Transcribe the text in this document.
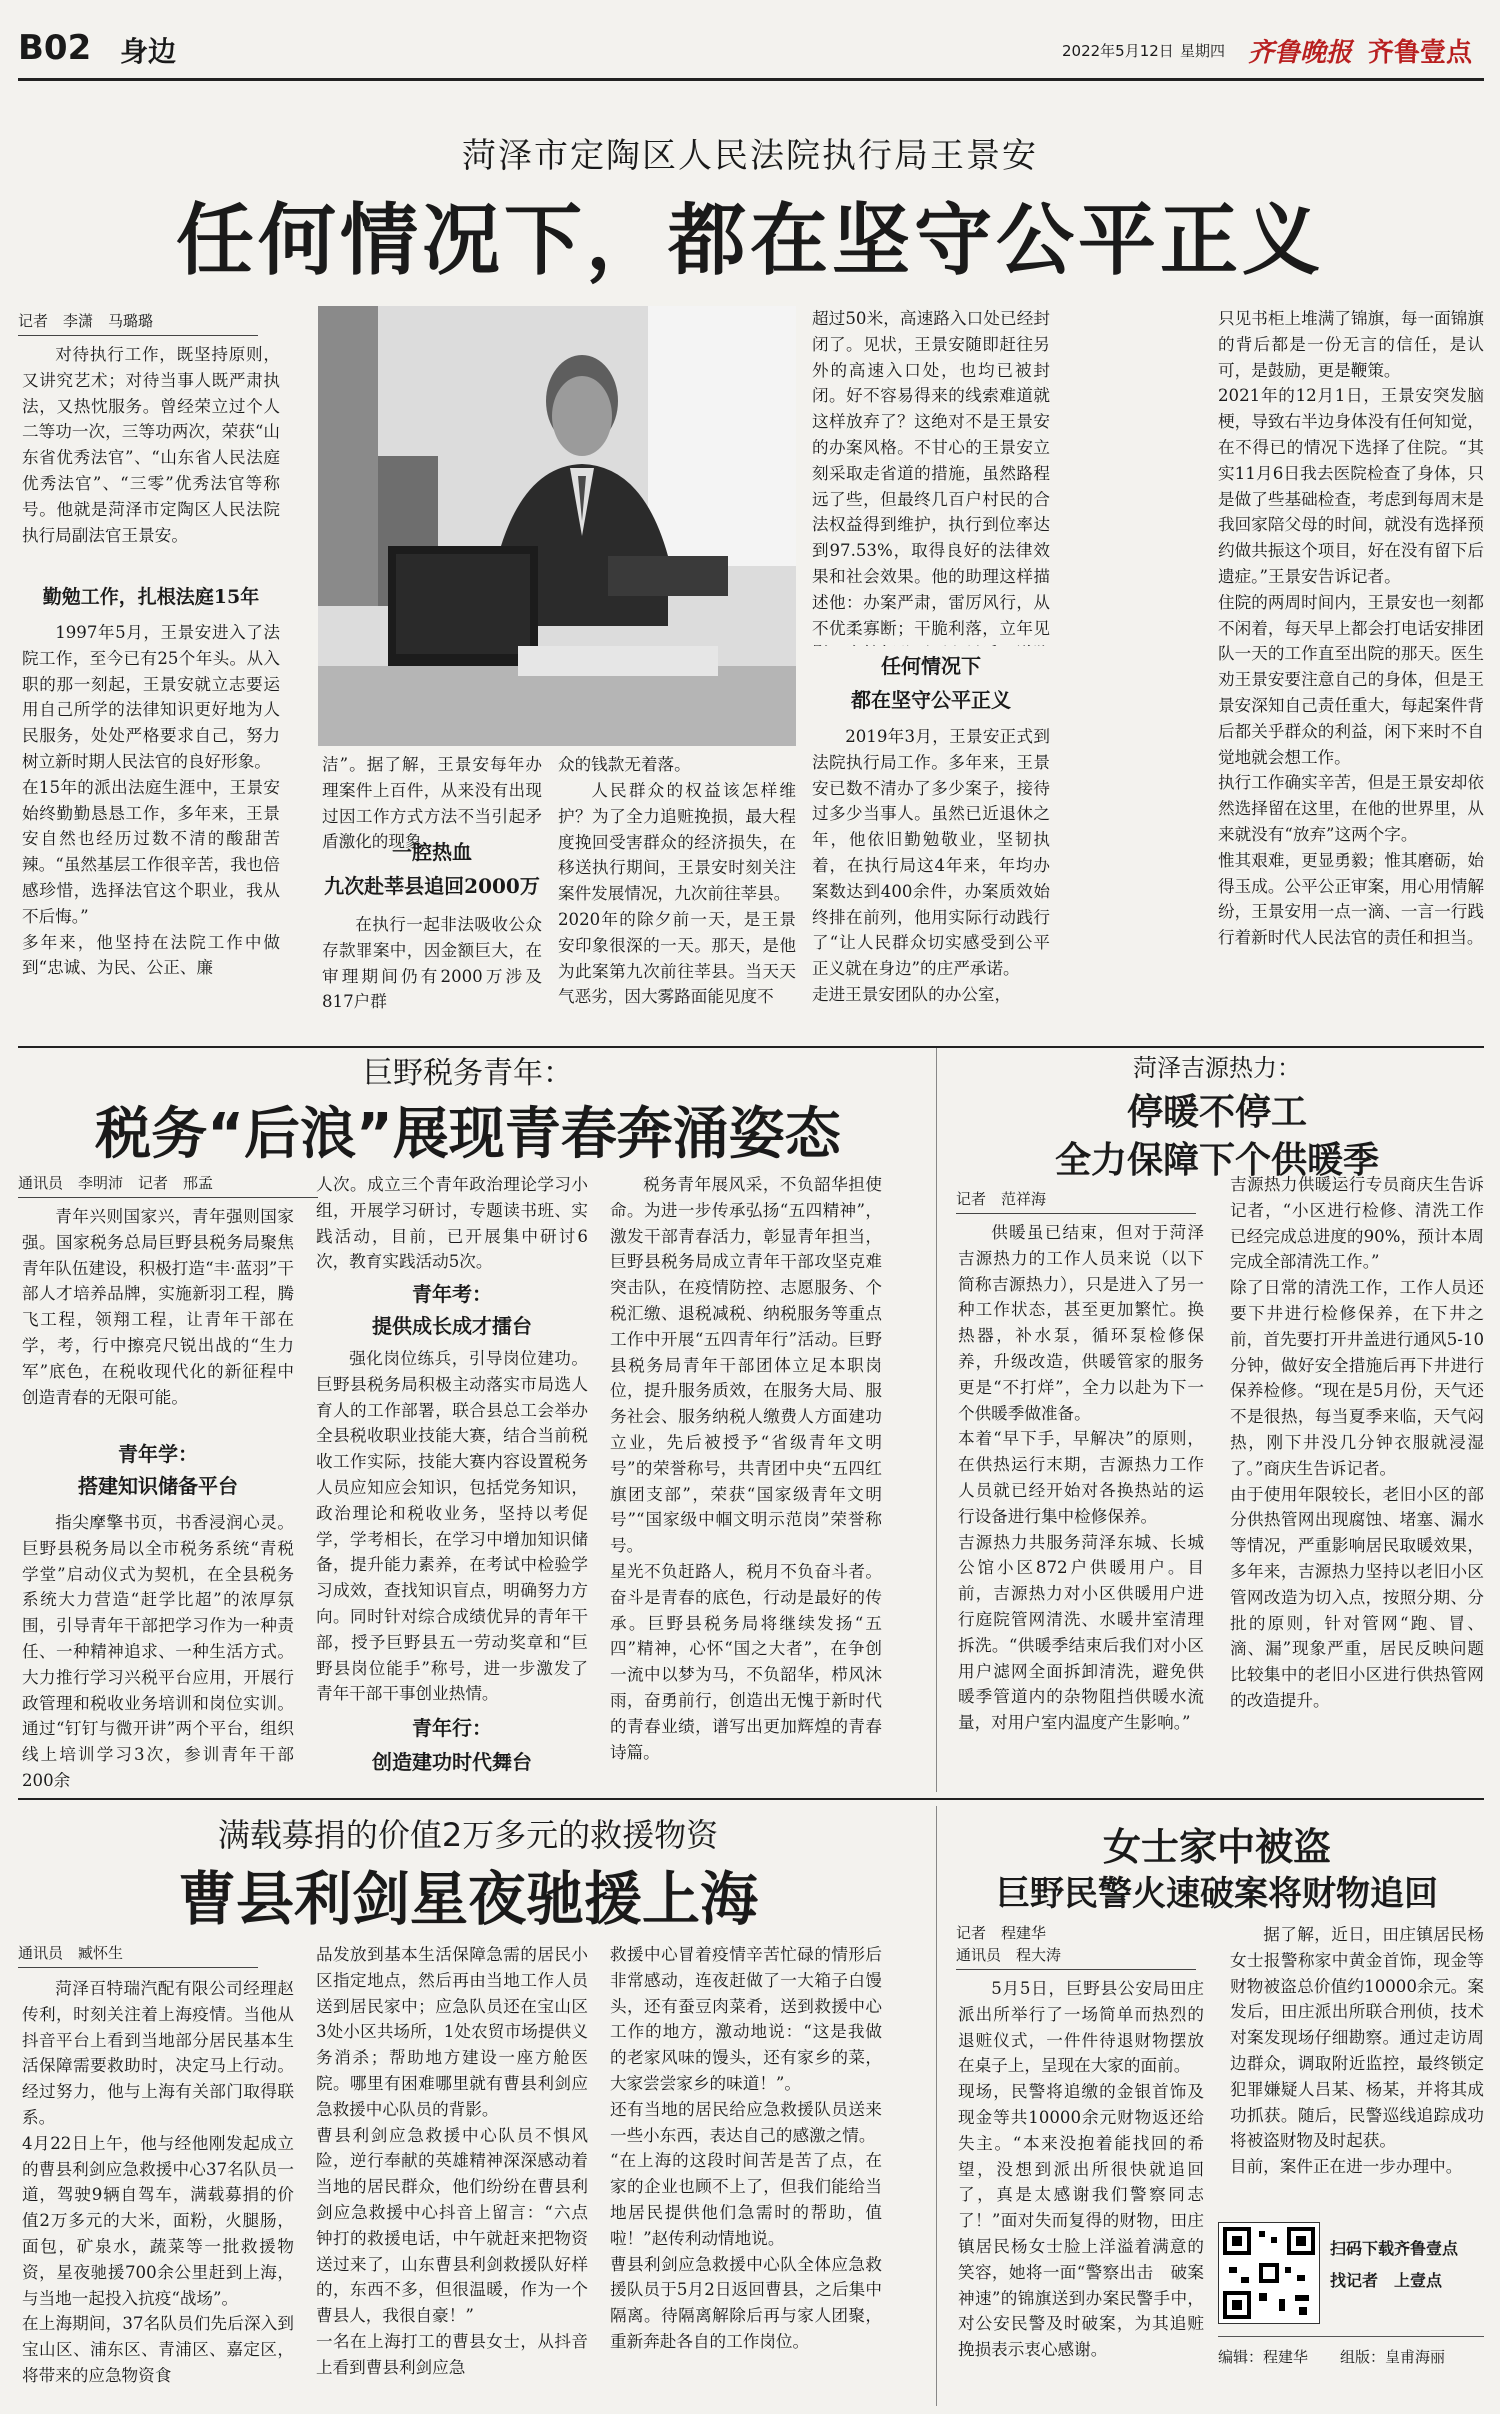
B02 身边	2022年5月12日 星期四 齐鲁晚报 齐鲁壹点
菏泽市定陶区人民法院执行局王景安
任何情况下，都在坚守公平正义
记者　李潇　马璐璐

对待执行工作，既坚持原则，又讲究艺术；对待当事人既严肃执法，又热忱服务。曾经荣立过个人二等功一次，三等功两次，荣获“山东省优秀法官”、“山东省人民法庭优秀法官”、“三零”优秀法官等称号。他就是菏泽市定陶区人民法院执行局副法官王景安。

勤勉工作，扎根法庭15年

1997年5月，王景安进入了法院工作，至今已有25个年头。从入职的那一刻起，王景安就立志要运用自己所学的法律知识更好地为人民服务，处处严格要求自己，努力树立新时期人民法官的良好形象。
在15年的派出法庭生涯中，王景安始终勤勤恳恳工作，多年来，王景安自然也经历过数不清的酸甜苦辣。“虽然基层工作很辛苦，我也倍感珍惜，选择法官这个职业，我从不后悔。”
多年来，他坚持在法院工作中做到“忠诚、为民、公正、廉

洁”。据了解，王景安每年办理案件上百件，从来没有出现过因工作方式方法不当引起矛盾激化的现象。

一腔热血
九次赴莘县追回2000万

在执行一起非法吸收公众存款罪案中，因金额巨大，在审理期间仍有2000万涉及817户群

众的钱款无着落。

人民群众的权益该怎样维护？为了全力追赃挽损，最大程度挽回受害群众的经济损失，在移送执行期间，王景安时刻关注案件发展情况，九次前往莘县。
2020年的除夕前一天，是王景安印象很深的一天。那天，是他为此案第九次前往莘县。当天天气恶劣，因大雾路面能见度不

超过50米，高速路入口处已经封闭了。见状，王景安随即赶往另外的高速入口处，也均已被封闭。好不容易得来的线索难道就这样放弃了？这绝对不是王景安的办案风格。不甘心的王景安立刻采取走省道的措施，虽然路程远了些，但最终几百户村民的合法权益得到维护，执行到位率达到97.53%，取得良好的法律效果和社会效果。他的助理这样描述他：办案严肃，雷厉风行，从不优柔寡断；干脆利落，立年见

任何情况下
都在坚守公平正义

2019年3月，王景安正式到法院执行局工作。多年来，王景安已数不清办了多少案子，接待过多少当事人。虽然已近退休之年，他依旧勤勉敬业，坚韧执着，在执行局这4年来，年均办案数达到400余件，办案质效始终排在前列，他用实际行动践行了“让人民群众切实感受到公平正义就在身边”的庄严承诺。
走进王景安团队的办公室，

只见书柜上堆满了锦旗，每一面锦旗的背后都是一份无言的信任，是认可，是鼓励，更是鞭策。
2021年的12月1日，王景安突发脑梗，导致右半边身体没有任何知觉，在不得已的情况下选择了住院。“其实11月6日我去医院检查了身体，只是做了些基础检查，考虑到每周末是我回家陪父母的时间，就没有选择预约做共振这个项目，好在没有留下后遗症。”王景安告诉记者。
住院的两周时间内，王景安也一刻都不闲着，每天早上都会打电话安排团队一天的工作直至出院的那天。医生劝王景安要注意自己的身体，但是王景安深知自己责任重大，每起案件背后都关乎群众的利益，闲下来时不自觉地就会想工作。
执行工作确实辛苦，但是王景安却依然选择留在这里，在他的世界里，从来就没有“放弃”这两个字。
惟其艰难，更显勇毅；惟其磨砺，始得玉成。公平公正审案，用心用情解纷，王景安用一点一滴、一言一行践行着新时代人民法官的责任和担当。

巨野税务青年：
税务“后浪”展现青春奔涌姿态
通讯员　李明沛　记者　邢孟

青年兴则国家兴，青年强则国家强。国家税务总局巨野县税务局聚焦青年队伍建设，积极打造“丰·蓝羽”干部人才培养品牌，实施新羽工程，腾飞工程，领翔工程，让青年干部在学，考，行中擦亮尺锐出战的“生力军”底色，在税收现代化的新征程中创造青春的无限可能。

青年学：
搭建知识储备平台

指尖摩擎书页，书香浸润心灵。巨野县税务局以全市税务系统“青税学堂”启动仪式为契机，在全县税务系统大力营造“赶学比超”的浓厚氛围，引导青年干部把学习作为一种责任、一种精神追求、一种生活方式。大力推行学习兴税平台应用，开展行政管理和税收业务培训和岗位实训。通过“钉钉与微开讲”两个平台，组织线上培训学习3次，参训青年干部200余

人次。成立三个青年政治理论学习小组，开展学习研讨，专题读书班、实践活动，目前，已开展集中研讨6次，教育实践活动5次。

青年考：
提供成长成才擂台

强化岗位练兵，引导岗位建功。巨野县税务局积极主动落实市局选人育人的工作部署，联合县总工会举办全县税收职业技能大赛，结合当前税收工作实际，技能大赛内容设置税务人员应知应会知识，包括党务知识，政治理论和税收业务，坚持以考促学，学考相长，在学习中增加知识储备，提升能力素养，在考试中检验学习成效，查找知识盲点，明确努力方向。同时针对综合成绩优异的青年干部，授予巨野县五一劳动奖章和“巨野县岗位能手”称号，进一步激发了青年干部干事创业热情。

青年行：
创造建功时代舞台

税务青年展风采，不负韶华担使命。为进一步传承弘扬“五四精神”，激发干部青春活力，彰显青年担当，巨野县税务局成立青年干部攻坚克难突击队，在疫情防控、志愿服务、个税汇缴、退税减税、纳税服务等重点工作中开展“五四青年行”活动。巨野县税务局青年干部团体立足本职岗位，提升服务质效，在服务大局、服务社会、服务纳税人缴费人方面建功立业，先后被授予“省级青年文明号”的荣誉称号，共青团中央“五四红旗团支部”，荣获“国家级青年文明号”“国家级中帼文明示范岗”荣誉称号。
星光不负赶路人，税月不负奋斗者。奋斗是青春的底色，行动是最好的传承。巨野县税务局将继续发扬“五四”精神，心怀“国之大者”，在争创一流中以梦为马，不负韶华，栉风沐雨，奋勇前行，创造出无愧于新时代的青春业绩，谱写出更加辉煌的青春诗篇。

菏泽吉源热力：
停暖不停工
全力保障下个供暖季
记者　范祥海

供暖虽已结束，但对于菏泽吉源热力的工作人员来说（以下简称吉源热力），只是进入了另一种工作状态，甚至更加繁忙。换热器，补水泵，循环泵检修保养，升级改造，供暖管家的服务更是“不打烊”，全力以赴为下一个供暖季做准备。
本着“早下手，早解决”的原则，在供热运行末期，吉源热力工作人员就已经开始对各换热站的运行设备进行集中检修保养。
吉源热力共服务菏泽东城、长城公馆小区872户供暖用户。目前，吉源热力对小区供暖用户进行庭院管网清洗、水暖井室清理拆洗。“供暖季结束后我们对小区用户滤网全面拆卸清洗，避免供暖季管道内的杂物阻挡供暖水流量，对用户室内温度产生影响。”

吉源热力供暖运行专员商庆生告诉记者，“小区进行检修、清洗工作已经完成总进度的90%，预计本周完成全部清洗工作。”
除了日常的清洗工作，工作人员还要下井进行检修保养，在下井之前，首先要打开井盖进行通风5-10分钟，做好安全措施后再下井进行保养检修。“现在是5月份，天气还不是很热，每当夏季来临，天气闷热，刚下井没几分钟衣服就浸湿了。”商庆生告诉记者。
由于使用年限较长，老旧小区的部分供热管网出现腐蚀、堵塞、漏水等情况，严重影响居民取暖效果，多年来，吉源热力坚持以老旧小区管网改造为切入点，按照分期、分批的原则，针对管网“跑、冒、滴、漏”现象严重，居民反映问题比较集中的老旧小区进行供热管网的改造提升。

满载募捐的价值2万多元的救援物资
曹县利剑星夜驰援上海
通讯员　臧怀生

菏泽百特瑞汽配有限公司经理赵传利，时刻关注着上海疫情。当他从抖音平台上看到当地部分居民基本生活保障需要救助时，决定马上行动。经过努力，他与上海有关部门取得联系。
4月22日上午，他与经他刚发起成立的曹县利剑应急救援中心37名队员一道，驾驶9辆自驾车，满载募捐的价值2万多元的大米，面粉，火腿肠，面包，矿泉水，蔬菜等一批救援物资，星夜驰援700余公里赶到上海，与当地一起投入抗疫“战场”。
在上海期间，37名队员们先后深入到宝山区、浦东区、青浦区、嘉定区，将带来的应急物资食

品发放到基本生活保障急需的居民小区指定地点，然后再由当地工作人员送到居民家中；应急队员还在宝山区3处小区共场所，1处农贸市场提供义务消杀；帮助地方建设一座方舱医院。哪里有困难哪里就有曹县利剑应急救援中心队员的背影。
曹县利剑应急救援中心队员不惧风险，逆行奉献的英雄精神深深感动着当地的居民群众，他们纷纷在曹县利剑应急救援中心抖音上留言：“六点钟打的救援电话，中午就赶来把物资送过来了，山东曹县利剑救援队好样的，东西不多，但很温暖，作为一个曹县人，我很自豪！”
一名在上海打工的曹县女士，从抖音上看到曹县利剑应急

救援中心冒着疫情辛苦忙碌的情形后非常感动，连夜赶做了一大箱子白馒头，还有蚕豆肉菜肴，送到救援中心工作的地方，激动地说：“这是我做的老家风味的馒头，还有家乡的菜，大家尝尝家乡的味道！”。
还有当地的居民给应急救援队员送来一些小东西，表达自己的感激之情。
“在上海的这段时间苦是苦了点，在家的企业也顾不上了，但我们能给当地居民提供他们急需时的帮助，值啦！”赵传利动情地说。
曹县利剑应急救援中心队全体应急救援队员于5月2日返回曹县，之后集中隔离。待隔离解除后再与家人团聚，重新奔赴各自的工作岗位。

女士家中被盗
巨野民警火速破案将财物追回
记者　程建华
通讯员　程大涛

5月5日，巨野县公安局田庄派出所举行了一场简单而热烈的退赃仪式，一件件待退财物摆放在桌子上，呈现在大家的面前。
现场，民警将追缴的金银首饰及现金等共10000余元财物返还给失主。“本来没抱着能找回的希望，没想到派出所很快就追回了，真是太感谢我们警察同志了！”面对失而复得的财物，田庄镇居民杨女士脸上洋溢着满意的笑容，她将一面“警察出击　破案神速”的锦旗送到办案民警手中，对公安民警及时破案，为其追赃挽损表示衷心感谢。

据了解，近日，田庄镇居民杨女士报警称家中黄金首饰，现金等财物被盗总价值约10000余元。案发后，田庄派出所联合刑侦，技术对案发现场仔细勘察。通过走访周边群众，调取附近监控，最终锁定犯罪嫌疑人吕某、杨某，并将其成功抓获。随后，民警巡线追踪成功将被盗财物及时起获。
目前，案件正在进一步办理中。

扫码下载齐鲁壹点
找记者　上壹点
编辑：程建华 组版：皇甫海丽
